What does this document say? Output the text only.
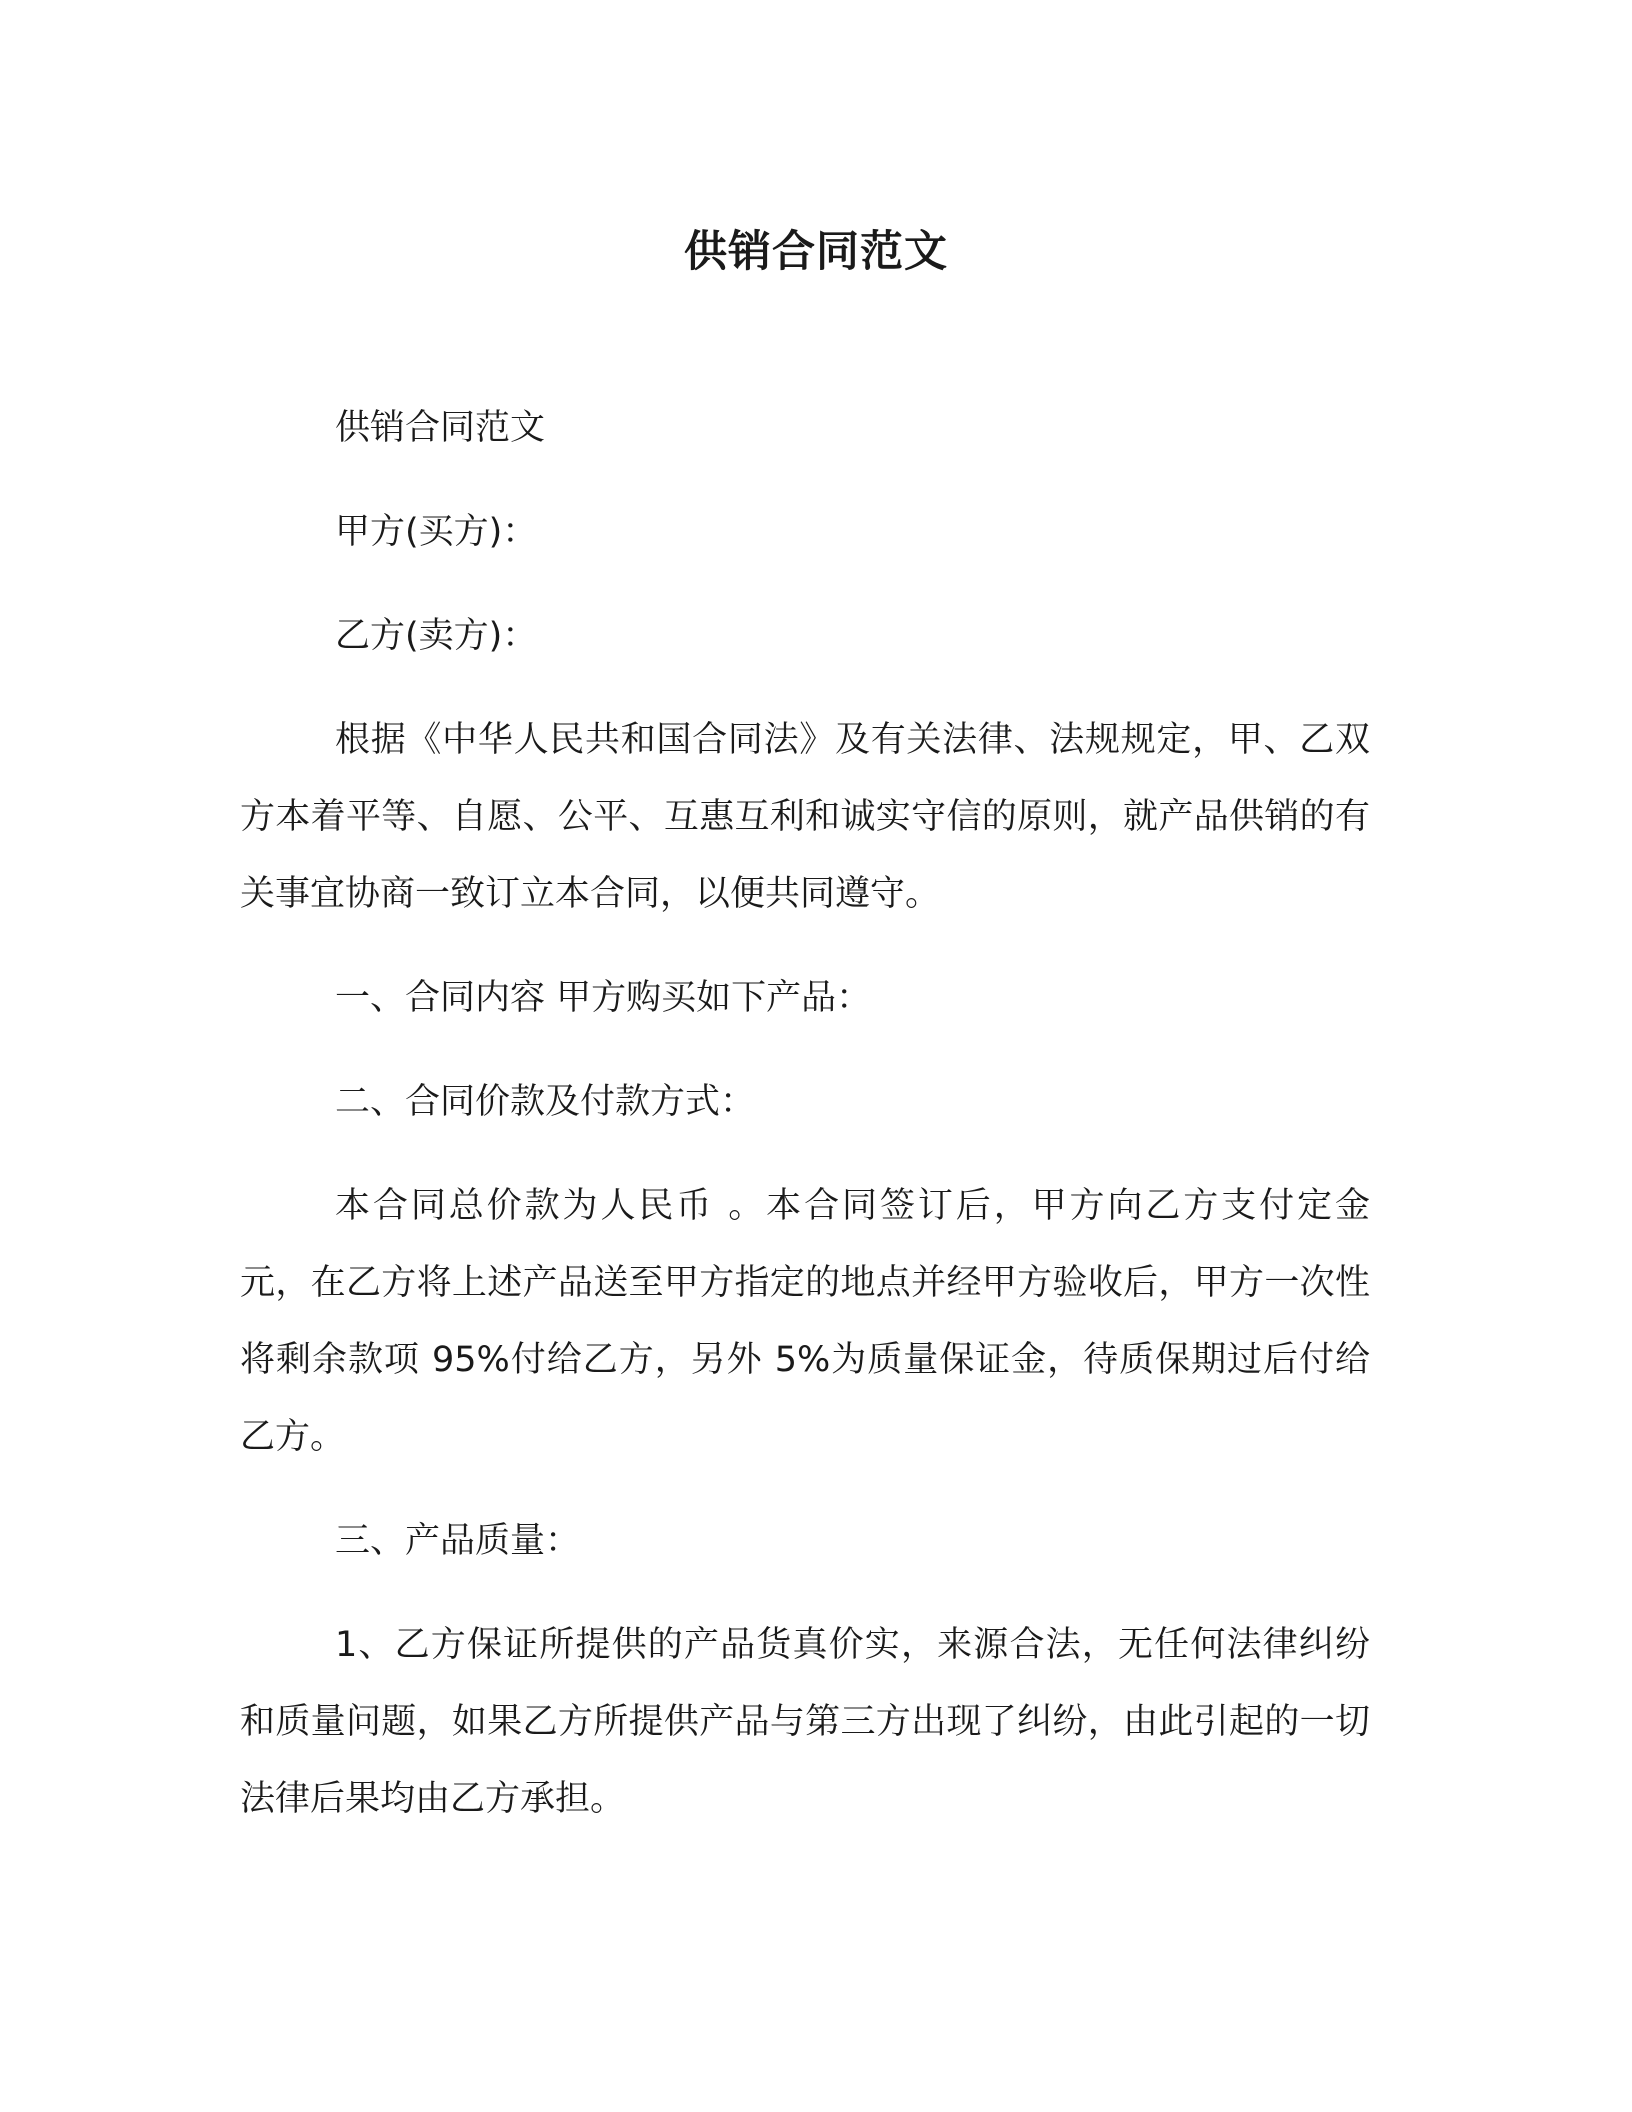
供销合同范文

供销合同范文

甲方(买方)：

乙方(卖方)：

根据《中华人民共和国合同法》及有关法律、法规规定，甲、乙双方本着平等、自愿、公平、互惠互利和诚实守信的原则，就产品供销的有关事宜协商一致订立本合同，以便共同遵守。

一、合同内容 甲方购买如下产品：

二、合同价款及付款方式：

本合同总价款为人民币 。本合同签订后，甲方向乙方支付定金 元，在乙方将上述产品送至甲方指定的地点并经甲方验收后，甲方一次性将剩余款项 95%付给乙方，另外 5%为质量保证金，待质保期过后付给乙方。

三、产品质量：

1、乙方保证所提供的产品货真价实，来源合法，无任何法律纠纷和质量问题，如果乙方所提供产品与第三方出现了纠纷，由此引起的一切法律后果均由乙方承担。
